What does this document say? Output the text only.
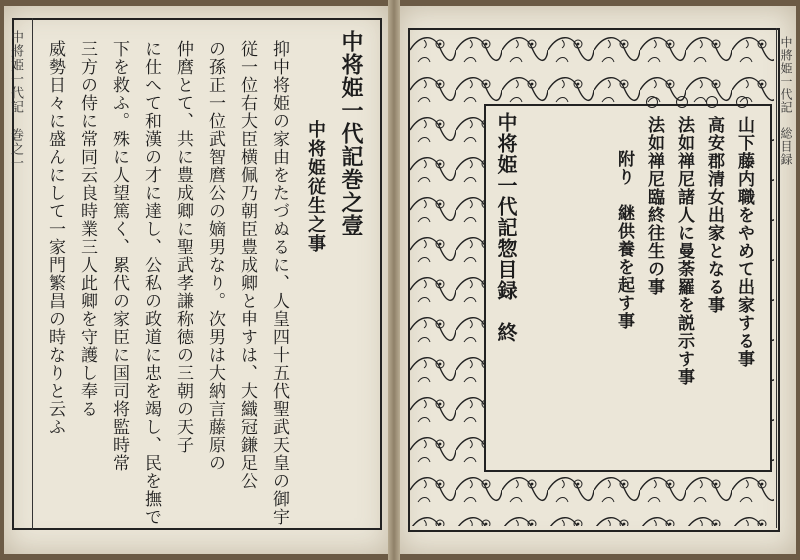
中將姫一代記　巻之一	中将姫一代記巻之壹
中将姫従生之事
抑中将姫の家由をたづぬるに、人皇四十五代聖武天皇の御宇
従一位右大臣横佩乃朝臣豊成卿と申すは、大織冠鎌足公
の孫正一位武智麿公の嫡男なり。次男は大納言藤原の
仲麿とて、共に豊成卿に聖武孝謙称徳の三朝の天子
に仕へて和漢の才に達し、公私の政道に忠を竭し、民を撫で
下を救ふ。殊に人望篤く、累代の家臣に国司将監時常
三方の侍に常同云良時業三人此卿を守護し奉る
威勢日々に盛んにして一家門繁昌の時なりと云ふ	中將姫一代記　総目録
山下藤内職をやめて出家する事
高安郡清女出家となる事
法如禅尼諸人に曼荼羅を説示す事
法如禅尼臨終往生の事
附り　継供養を起す事
中将姫一代記惣目録　終
